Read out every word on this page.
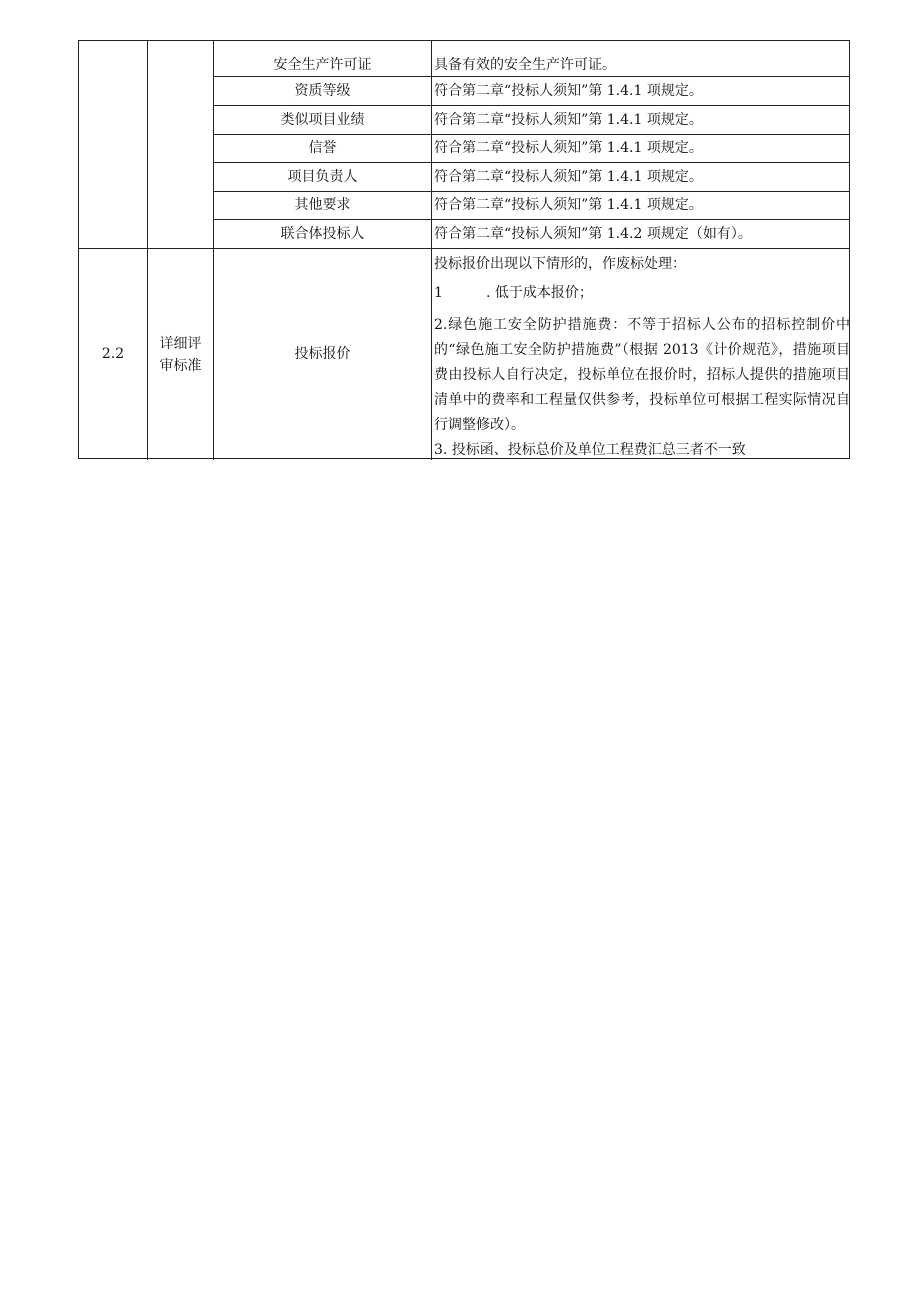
安全生产许可证
资质等级
类似项目业绩
信誉
项目负责人
其他要求
联合体投标人
具备有效的安全生产许可证。
符合第二章“投标人须知”第 1.4.1 项规定。
符合第二章“投标人须知”第 1.4.1 项规定。
符合第二章“投标人须知”第 1.4.1 项规定。
符合第二章“投标人须知”第 1.4.1 项规定。
符合第二章“投标人须知”第 1.4.1 项规定。
符合第二章“投标人须知”第 1.4.2 项规定（如有）。
2.2
详细评
审标准
投标报价

投标报价出现以下情形的，作废标处理：

1	. 低于成本报价；

2.绿色施工安全防护措施费：不等于招标人公布的招标控制价中的“绿色施工安全防护措施费”（根据 2013《计价规范》，措施项目费由投标人自行决定，投标单位在报价时，招标人提供的措施项目清单中的费率和工程量仅供参考，投标单位可根据工程实际情况自行调整修改）。

3. 投标函、投标总价及单位工程费汇总三者不一致
